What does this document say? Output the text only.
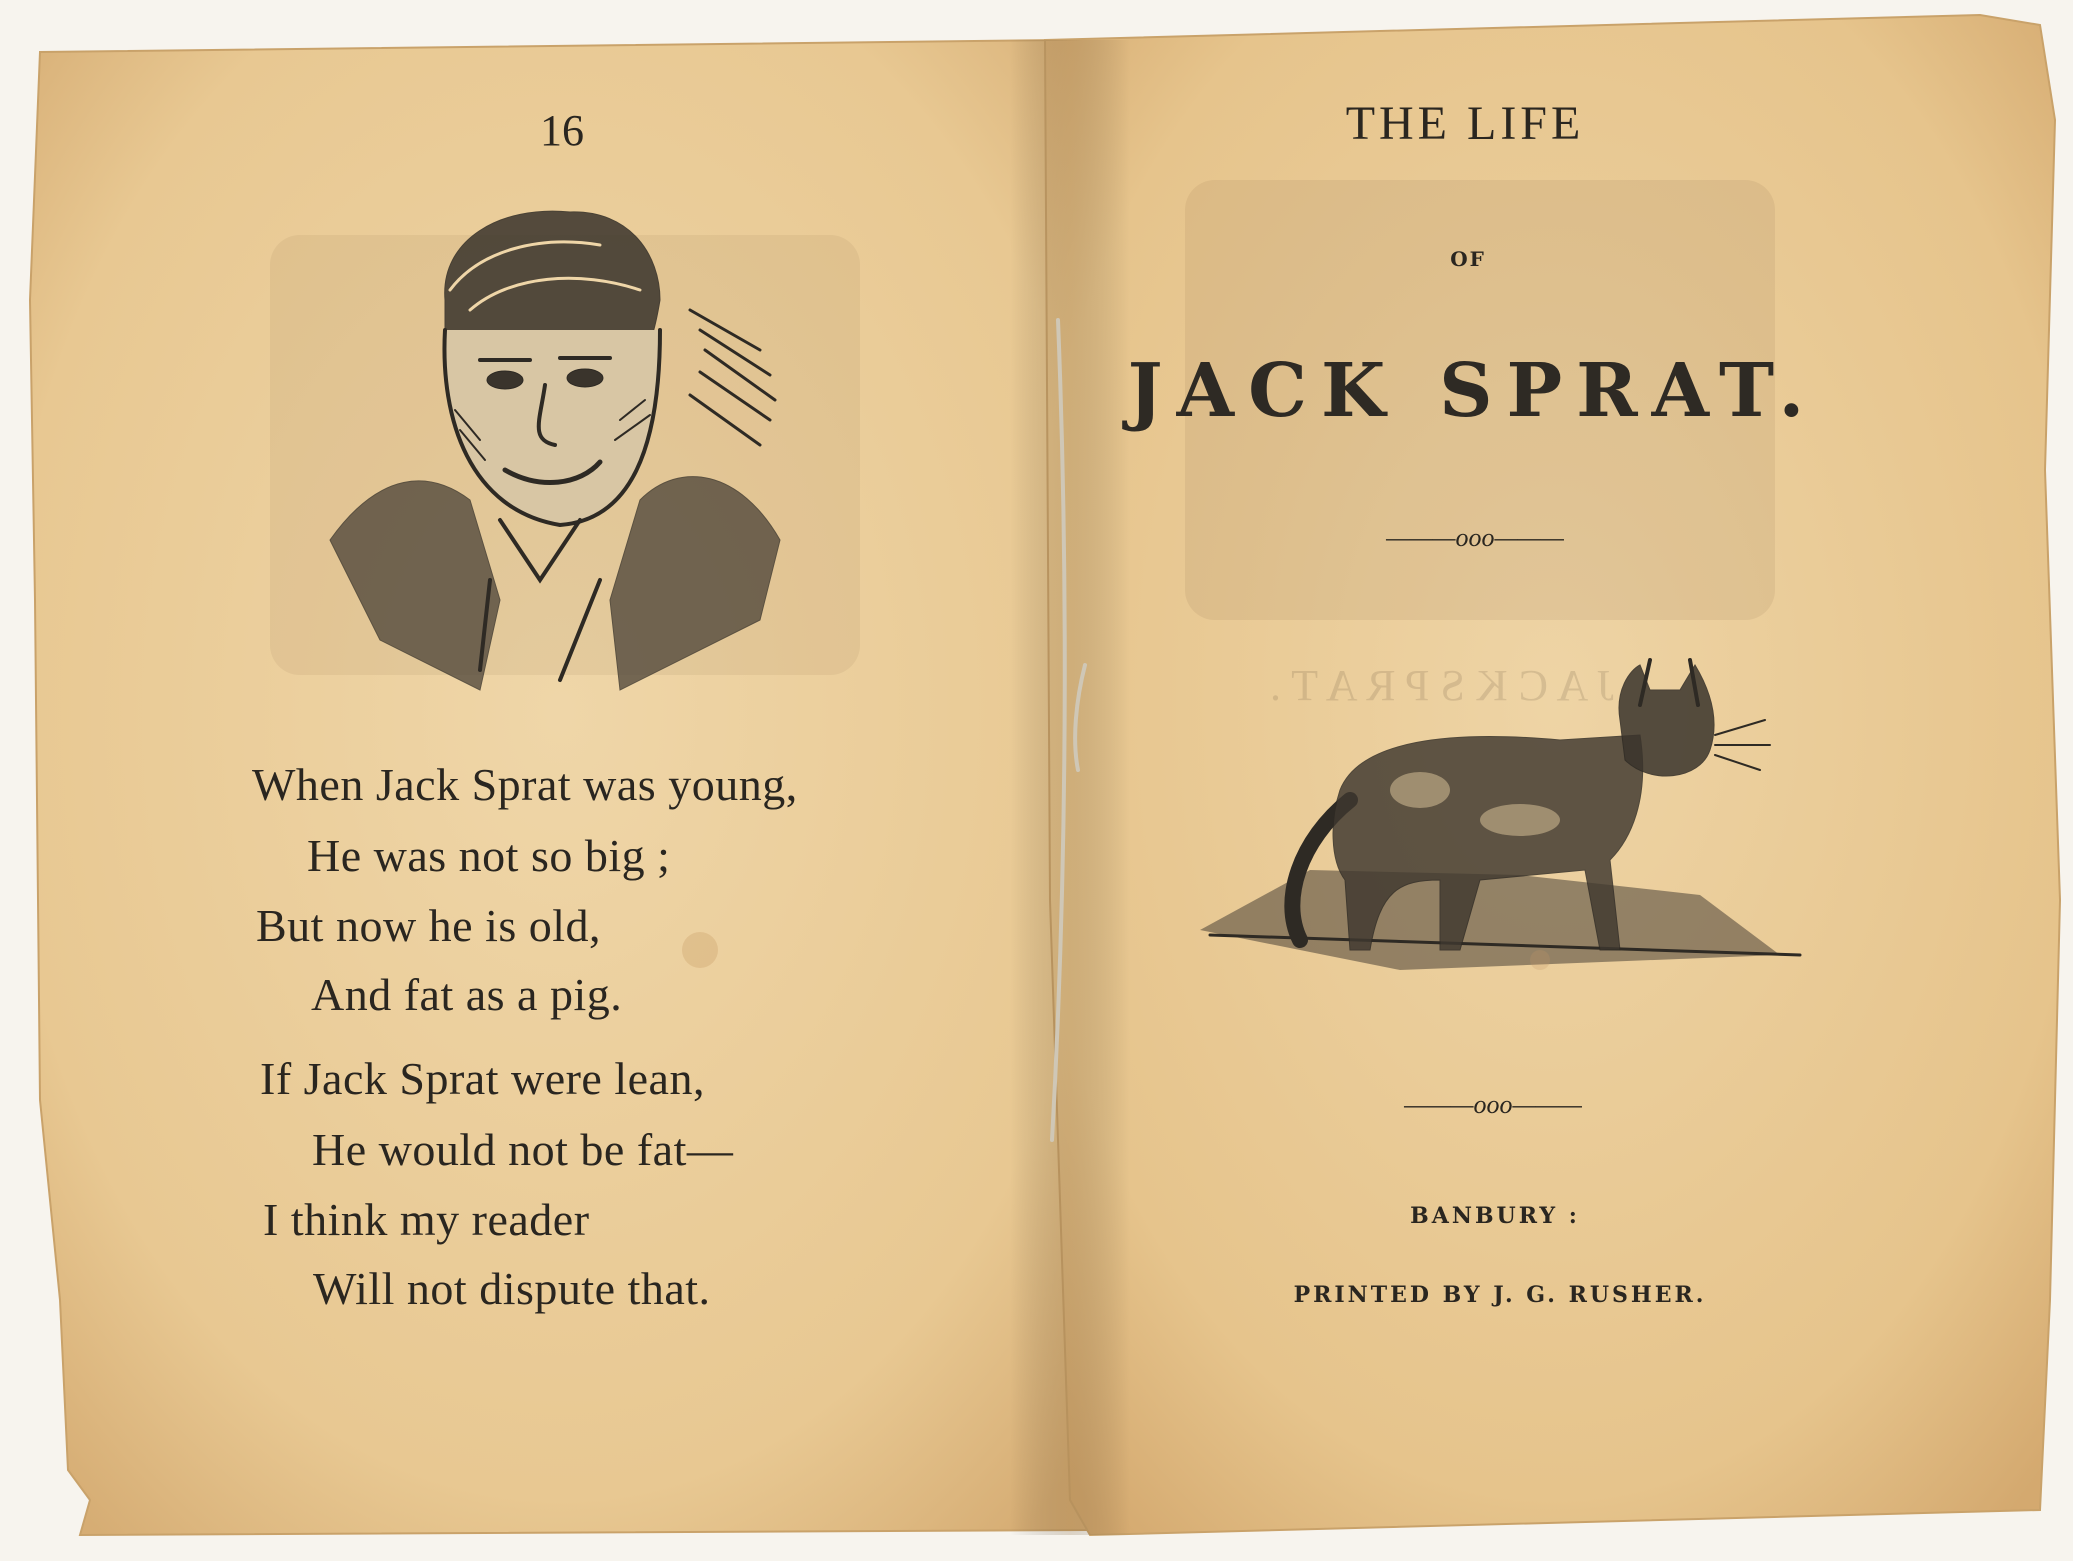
J A C K S P R A T .
16
When Jack Sprat was young,
He was not so big ;
But now he is old,
And fat as a pig.
If Jack Sprat were lean,
He would not be fat—
I think my reader
Will not dispute that.
THE LIFE
OF
JACK SPRAT.
———ooo———
———ooo———
BANBURY :
PRINTED BY J. G. RUSHER.
